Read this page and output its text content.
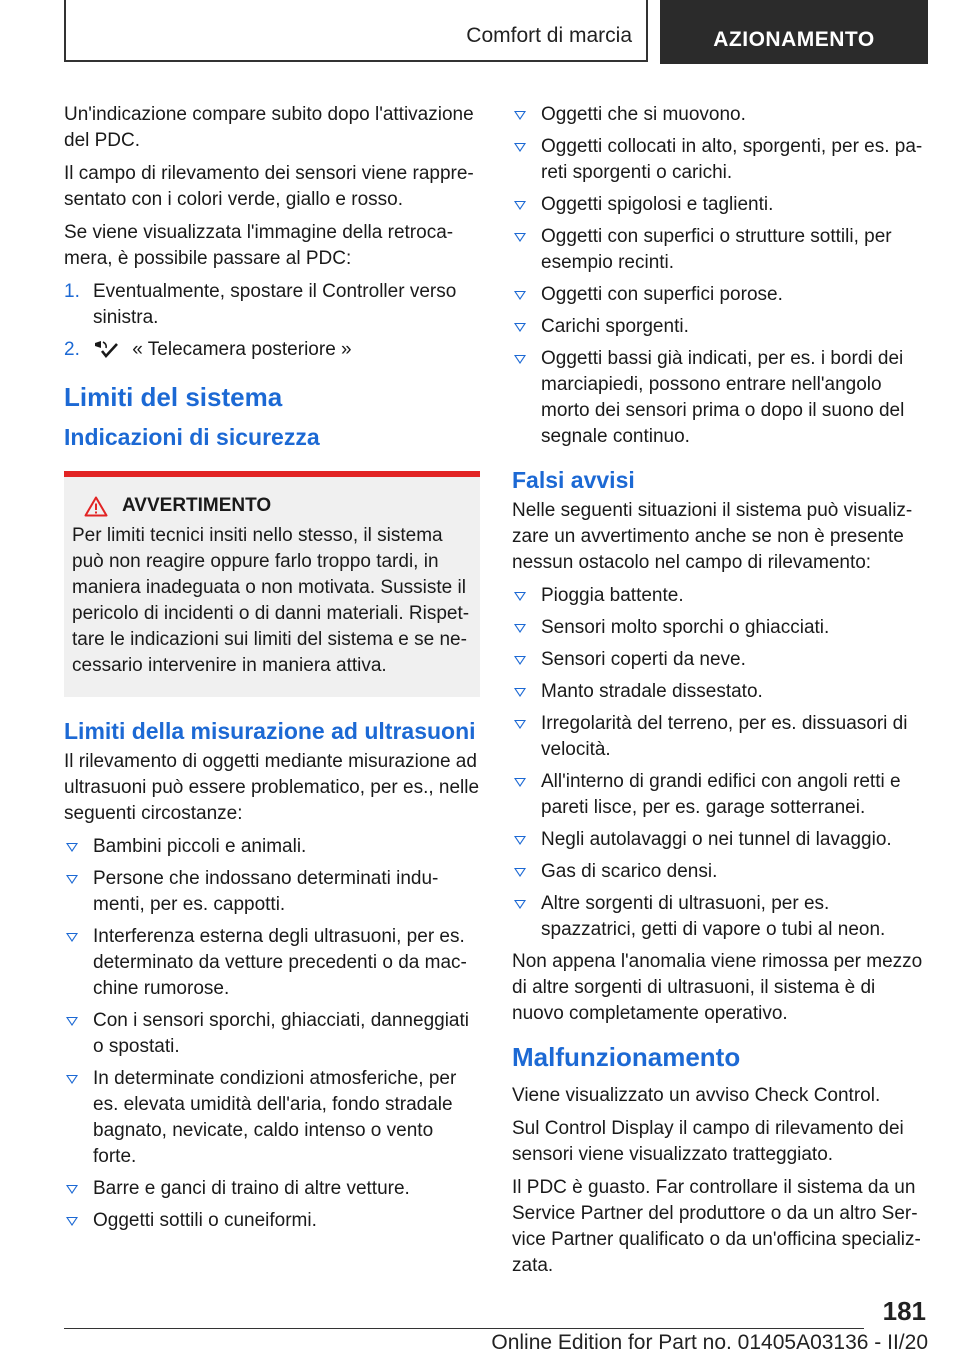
Comfort di marcia	AZIONAMENTO

Un'indicazione compare subito dopo l'attivazione del PDC.

Il campo di rilevamento dei sensori viene rappre-sentato con i colori verde, giallo e rosso.

Se viene visualizzata l'immagine della retroca-mera, è possibile passare al PDC:

1. Eventualmente, spostare il Controller verso sinistra.
2.	« Telecamera posteriore »
Limiti del sistema
Indicazioni di sicurezza
AVVERTIMENTO

Per limiti tecnici insiti nello stesso, il sistema può non reagire oppure farlo troppo tardi, in maniera inadeguata o non motivata. Sussiste il pericolo di incidenti o di danni materiali. Rispet-tare le indicazioni sui limiti del sistema e se ne-cessario intervenire in maniera attiva.

Limiti della misurazione ad ultrasuoni

Il rilevamento di oggetti mediante misurazione ad ultrasuoni può essere problematico, per es., nelle seguenti circostanze:

Bambini piccoli e animali.
Persone che indossano determinati indu-menti, per es. cappotti.
Interferenza esterna degli ultrasuoni, per es. determinato da vetture precedenti o da mac-chine rumorose.
Con i sensori sporchi, ghiacciati, danneggiati o spostati.
In determinate condizioni atmosferiche, per es. elevata umidità dell'aria, fondo stradale bagnato, nevicate, caldo intenso o vento forte.
Barre e ganci di traino di altre vetture.
Oggetti sottili o cuneiformi.
Oggetti che si muovono.
Oggetti collocati in alto, sporgenti, per es. pa-reti sporgenti o carichi.
Oggetti spigolosi e taglienti.
Oggetti con superfici o strutture sottili, per esempio recinti.
Oggetti con superfici porose.
Carichi sporgenti.
Oggetti bassi già indicati, per es. i bordi dei marciapiedi, possono entrare nell'angolo morto dei sensori prima o dopo il suono del segnale continuo.
Falsi avvisi

Nelle seguenti situazioni il sistema può visualiz-zare un avvertimento anche se non è presente nessun ostacolo nel campo di rilevamento:

Pioggia battente.
Sensori molto sporchi o ghiacciati.
Sensori coperti da neve.
Manto stradale dissestato.
Irregolarità del terreno, per es. dissuasori di velocità.
All'interno di grandi edifici con angoli retti e pareti lisce, per es. garage sotterranei.
Negli autolavaggi o nei tunnel di lavaggio.
Gas di scarico densi.
Altre sorgenti di ultrasuoni, per es. spazzatrici, getti di vapore o tubi al neon.

Non appena l'anomalia viene rimossa per mezzo di altre sorgenti di ultrasuoni, il sistema è di nuovo completamente operativo.

Malfunzionamento

Viene visualizzato un avviso Check Control.

Sul Control Display il campo di rilevamento dei sensori viene visualizzato tratteggiato.

Il PDC è guasto. Far controllare il sistema da un Service Partner del produttore o da un altro Ser-vice Partner qualificato o da un'officina specializ-zata.

181
Online Edition for Part no. 01405A03136 - II/20
